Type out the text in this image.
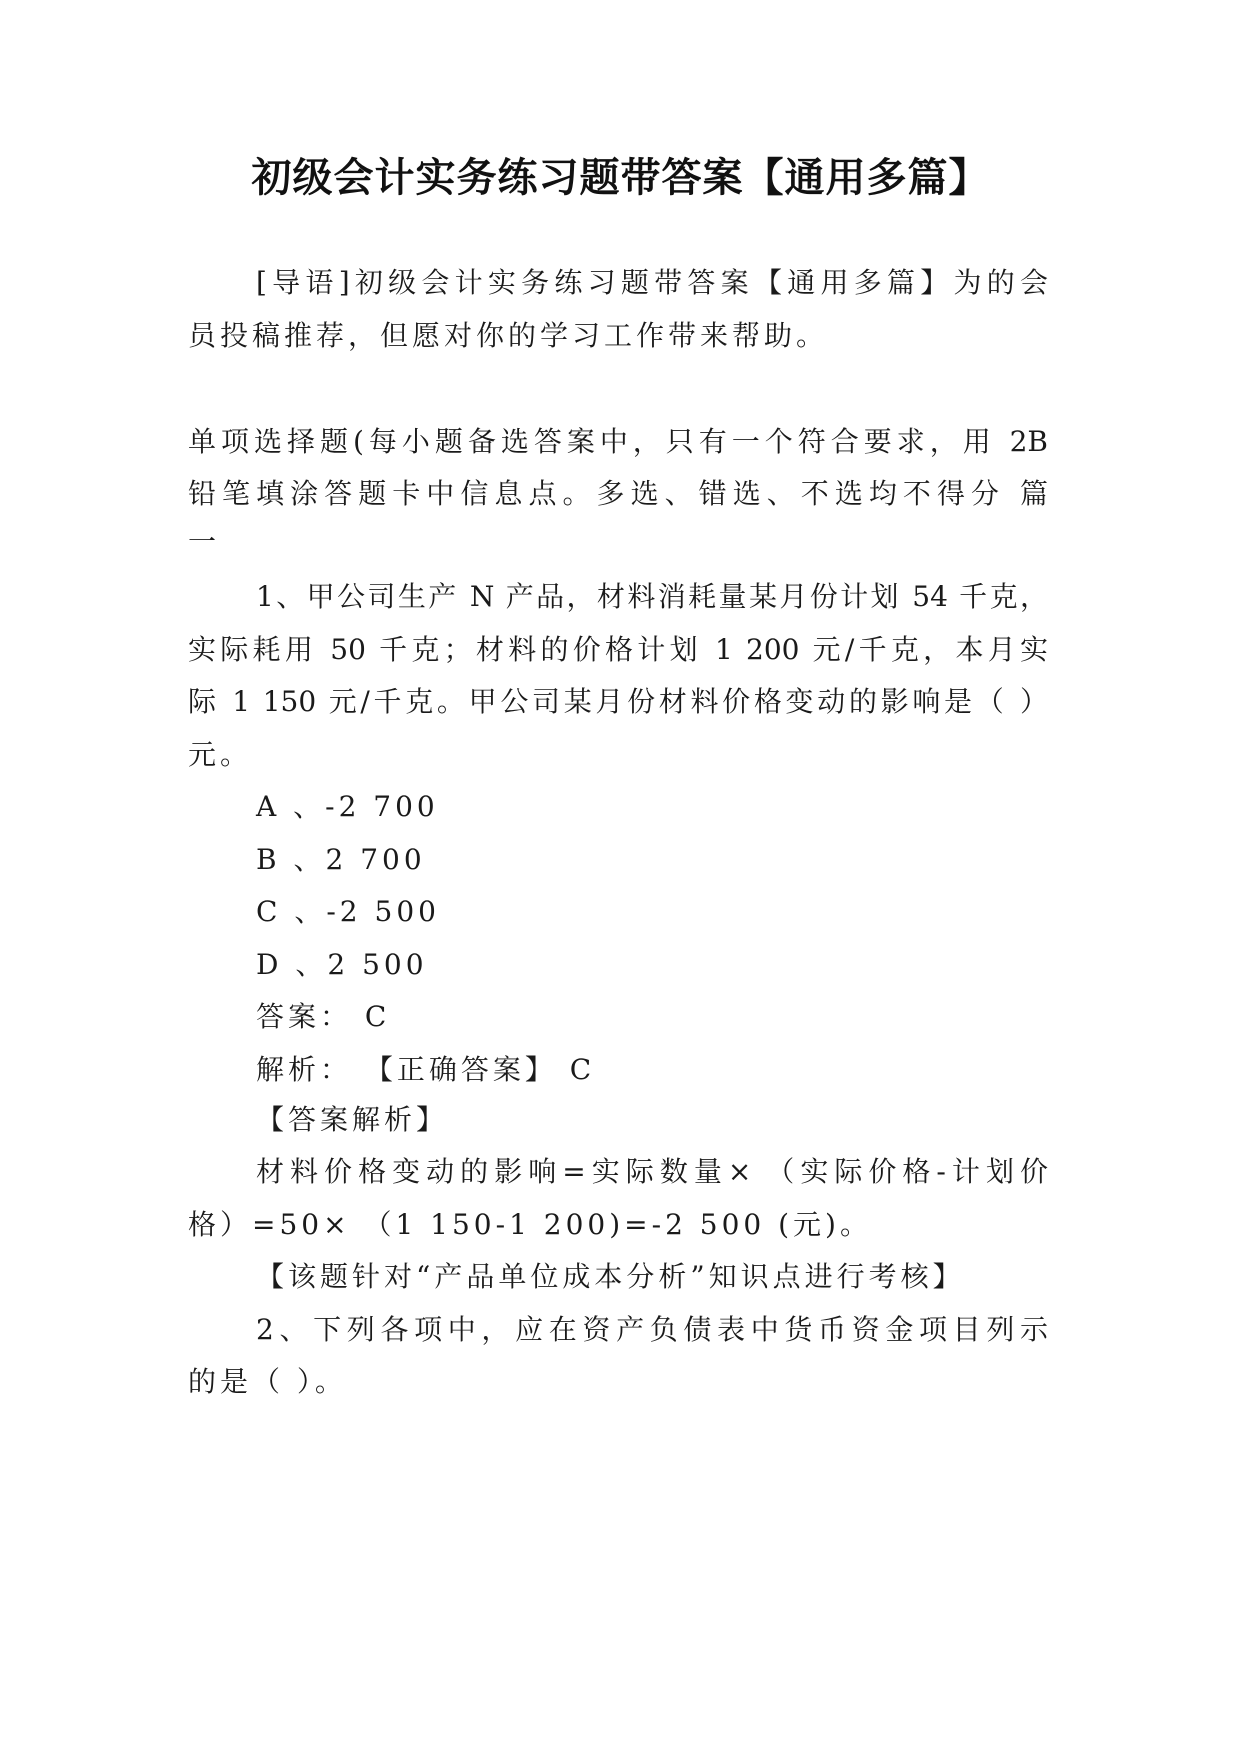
初级会计实务练习题带答案【通用多篇】
[导语]初级会计实务练习题带答案【通用多篇】为的会
员投稿推荐，但愿对你的学习工作带来帮助。
单项选择题(每小题备选答案中，只有一个符合要求，用 2B
铅笔填涂答题卡中信息点。多选、错选、不选均不得分 篇
一
1、甲公司生产 N 产品，材料消耗量某月份计划 54 千克，
实际耗用 50 千克；材料的价格计划 1 200 元/千克，本月实
际 1 150 元/千克。甲公司某月份材料价格变动的影响是（ ）
元。
A 、-2 700
B 、2 700
C 、-2 500
D 、2 500
答案： C
解析： 【正确答案】 C
【答案解析】
材料价格变动的影响=实际数量× （实际价格-计划价
格）=50× （1 150-1 200)=-2 500 (元)。
【该题针对“产品单位成本分析”知识点进行考核】
2、下列各项中，应在资产负债表中货币资金项目列示
的是（ ）。
